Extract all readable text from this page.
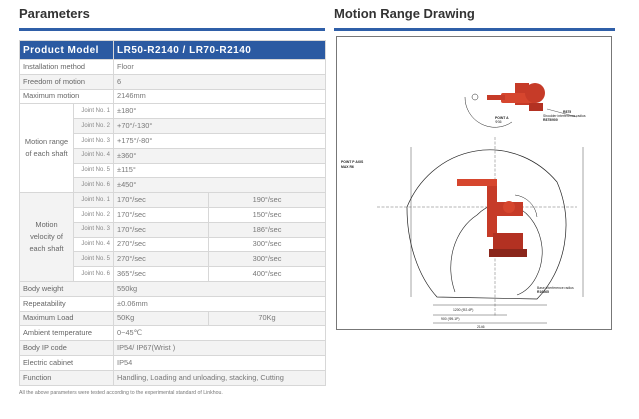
Parameters	Motion Range Drawing
Product Model		LR50-R2140 / LR70-R2140	
Installation method		Floor	
Freedom of motion		6	
Maximum motion		2146mm	
Motion range of each shaft	Joint No. 1	±180°	
	Joint No. 2	+70°/-130°	
	Joint No. 3	+175°/-80°	
	Joint No. 4	±360°	
	Joint No. 5	±115°	
	Joint No. 6	±450°	
Motion velocity of each shaft	Joint No. 1	170°/sec	190°/sec
	Joint No. 2	170°/sec	150°/sec
	Joint No. 3	170°/sec	186°/sec
	Joint No. 4	270°/sec	300°/sec
	Joint No. 5	270°/sec	300°/sec
	Joint No. 6	365°/sec	400°/sec
Body weight		550kg	
Repeatability		±0.06mm	
Maximum Load		50Kg	70Kg
Ambient temperature		0~45℃	
Body IP code		IP54/ IP67(Wrist )	
Electric cabinet		IP54	
Function		Handling, Loading and unloading, stacking, Cutting	
All the above parameters were tested according to the experimental standard of Linkhou.
POINT A
Φ36
R875
Shoulder interference radius
R875/900
POINT P AXIS
MAX R6
Base interference radius
R16265
1200 (Φ2.4P)
900 (Φ5.1P)
2146
